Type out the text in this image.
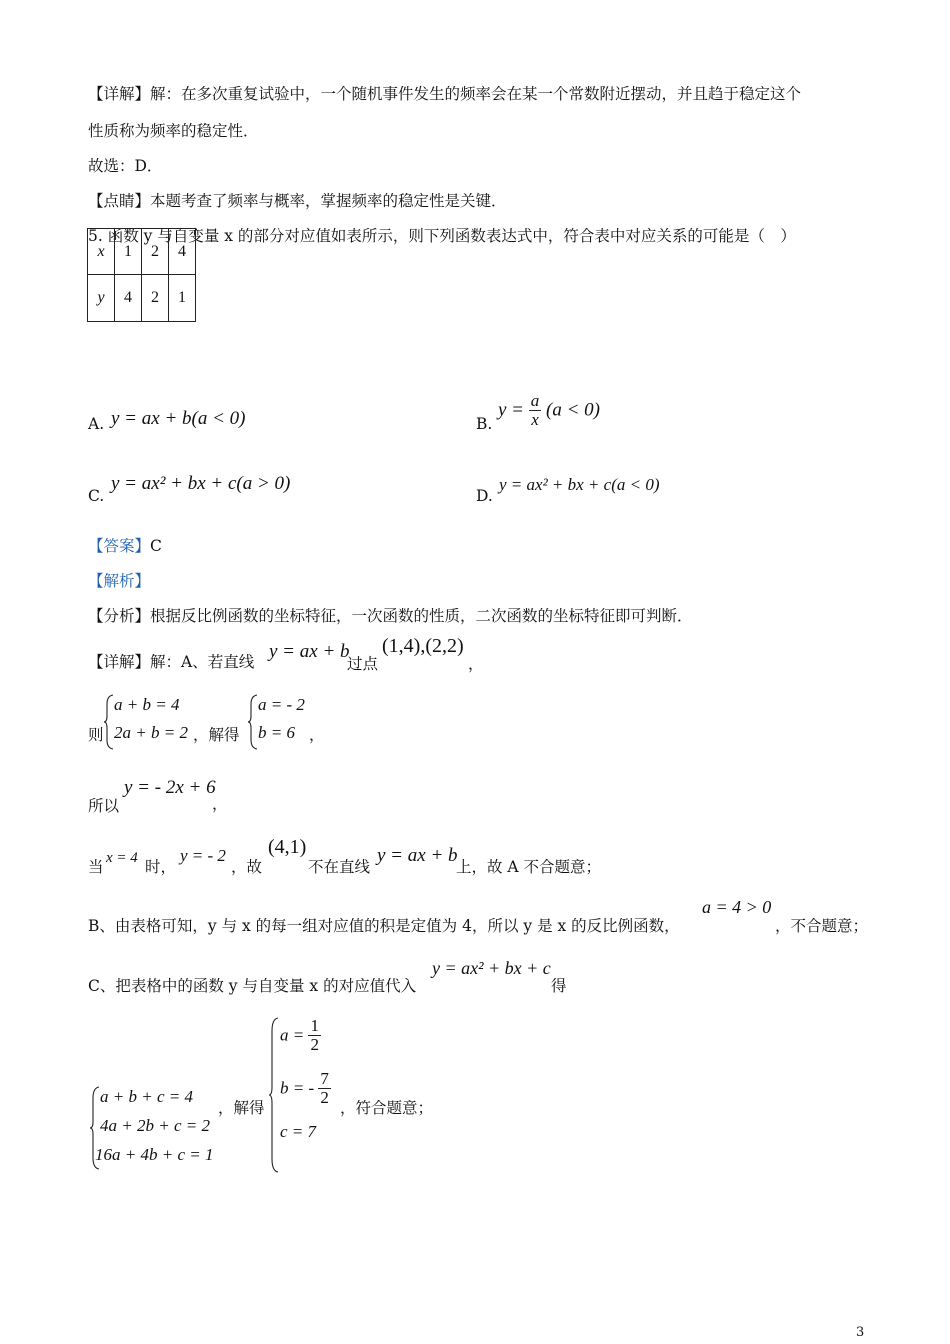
【详解】解：在多次重复试验中，一个随机事件发生的频率会在某一个常数附近摆动，并且趋于稳定这个
性质称为频率的稳定性．
故选：D．
【点睛】本题考查了频率与概率，掌握频率的稳定性是关键．
5. 函数 y 与自变量 x 的部分对应值如表所示，则下列函数表达式中，符合表中对应关系的可能是（　）
x	1	2	4
y	4	2	1
A. y = ax + b(a < 0)	B.
$y = \frac{a}{x} (a < 0)$
C.
y = ax² + bx + c(a > 0)
D.
y = ax² + bx + c(a < 0)
【答案】C
【解析】
【分析】根据反比例函数的坐标特征，一次函数的性质，二次函数的坐标特征即可判断．
【详解】解：A、若直线 y = ax + b
过点
(1,4),(2,2)
，
则
a + b = 4
2a + b = 2 ，解得
a = - 2
b = 6 ，
所以
y = - 2x + 6
，
当 x = 4 时，
y = - 2
，故
(4,1)
不在直线
y = ax + b
上，故 A 不合题意；
B、由表格可知，y 与 x 的每一组对应值的积是定值为 4，所以 y 是 x 的反比例函数，
a = 4 > 0
，不合题意；
C、把表格中的函数 y 与自变量 x 的对应值代入
y = ax² + bx + c
得
a + b + c = 4
4a + 2b + c = 2
16a + 4b + c = 1
，解得
$a = \frac{1}{2}$
b = - $\frac{7}{2}$
c = 7
，符合题意；
3
